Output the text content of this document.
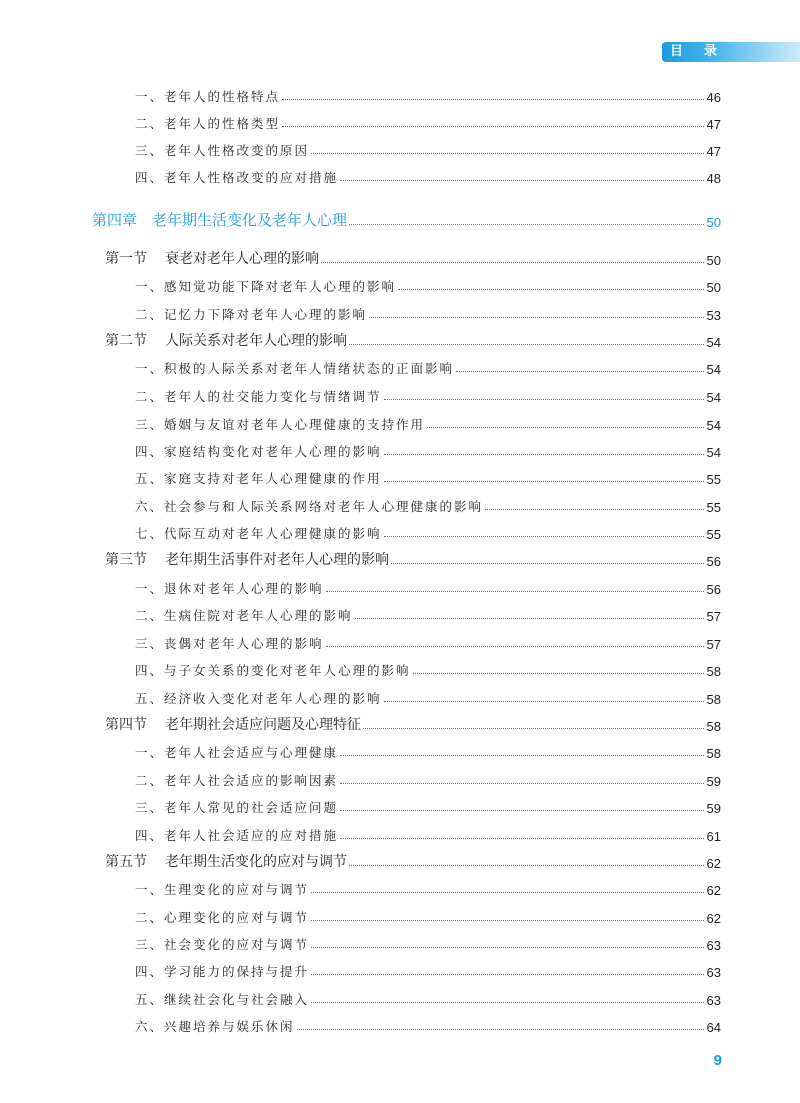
目录
一、老年人的性格特点	46
二、老年人的性格类型	47
三、老年人性格改变的原因	47
四、老年人性格改变的应对措施	48
第四章 老年期生活变化及老年人心理	50
第一节 衰老对老年人心理的影响	50
一、感知觉功能下降对老年人心理的影响	50
二、记忆力下降对老年人心理的影响	53
第二节 人际关系对老年人心理的影响	54
一、积极的人际关系对老年人情绪状态的正面影响	54
二、老年人的社交能力变化与情绪调节	54
三、婚姻与友谊对老年人心理健康的支持作用	54
四、家庭结构变化对老年人心理的影响	54
五、家庭支持对老年人心理健康的作用	55
六、社会参与和人际关系网络对老年人心理健康的影响	55
七、代际互动对老年人心理健康的影响	55
第三节 老年期生活事件对老年人心理的影响	56
一、退休对老年人心理的影响	56
二、生病住院对老年人心理的影响	57
三、丧偶对老年人心理的影响	57
四、与子女关系的变化对老年人心理的影响	58
五、经济收入变化对老年人心理的影响	58
第四节 老年期社会适应问题及心理特征	58
一、老年人社会适应与心理健康	58
二、老年人社会适应的影响因素	59
三、老年人常见的社会适应问题	59
四、老年人社会适应的应对措施	61
第五节 老年期生活变化的应对与调节	62
一、生理变化的应对与调节	62
二、心理变化的应对与调节	62
三、社会变化的应对与调节	63
四、学习能力的保持与提升	63
五、继续社会化与社会融入	63
六、兴趣培养与娱乐休闲	64
9
